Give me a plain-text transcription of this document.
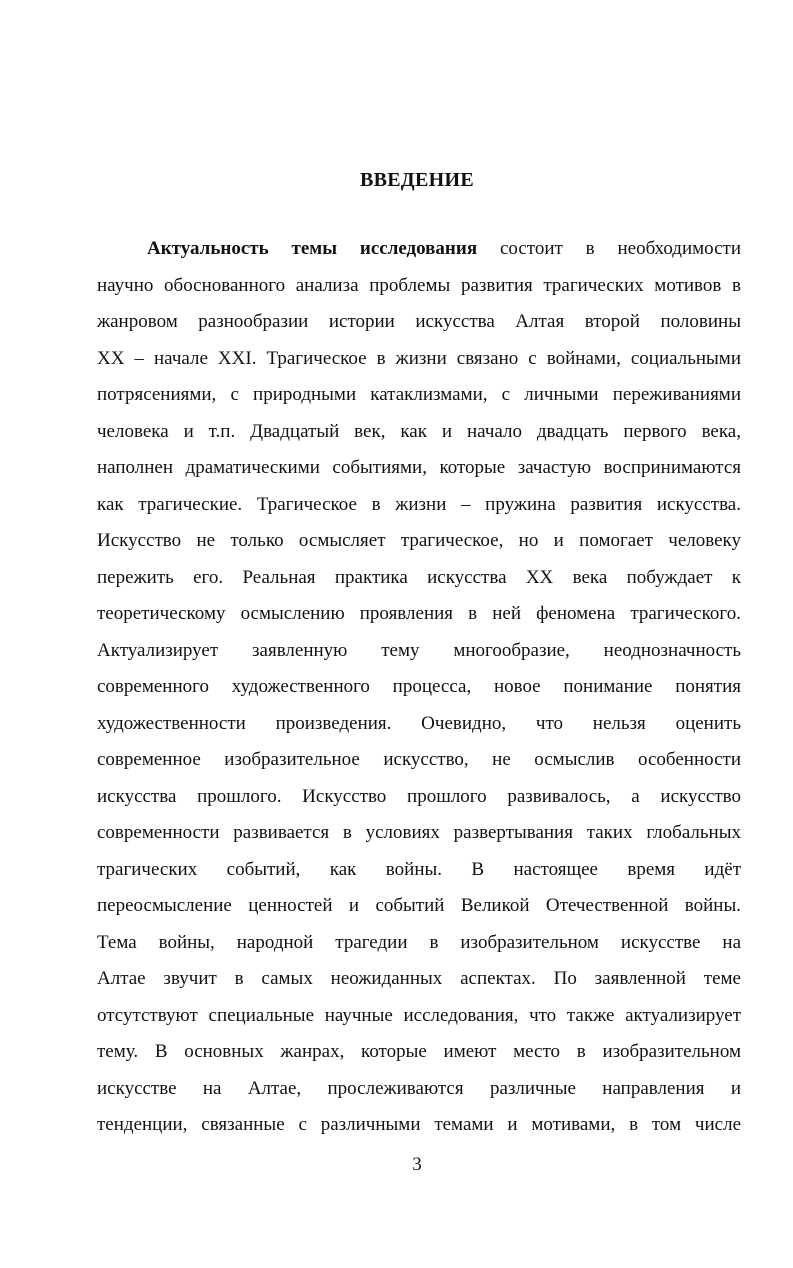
ВВЕДЕНИЕ
Актуальность темы исследования состоит в необходимости
научно обоснованного анализа проблемы развития трагических мотивов в
жанровом разнообразии истории искусства Алтая второй половины
XX – начале XXI. Трагическое в жизни связано с войнами, социальными
потрясениями, с природными катаклизмами, с личными переживаниями
человека и т.п. Двадцатый век, как и начало двадцать первого века,
наполнен драматическими событиями, которые зачастую воспринимаются
как трагические. Трагическое в жизни – пружина развития искусства.
Искусство не только осмысляет трагическое, но и помогает человеку
пережить его. Реальная практика искусства XX века побуждает к
теоретическому осмыслению проявления в ней феномена трагического.
Актуализирует заявленную тему многообразие, неоднозначность
современного художественного процесса, новое понимание понятия
художественности произведения. Очевидно, что нельзя оценить
современное изобразительное искусство, не осмыслив особенности
искусства прошлого. Искусство прошлого развивалось, а искусство
современности развивается в условиях развертывания таких глобальных
трагических событий, как войны. В настоящее время идёт
переосмысление ценностей и событий Великой Отечественной войны.
Тема войны, народной трагедии в изобразительном искусстве на
Алтае звучит в самых неожиданных аспектах. По заявленной теме
отсутствуют специальные научные исследования, что также актуализирует
тему. В основных жанрах, которые имеют место в изобразительном
искусстве на Алтае, прослеживаются различные направления и
тенденции, связанные с различными темами и мотивами, в том числе
3
